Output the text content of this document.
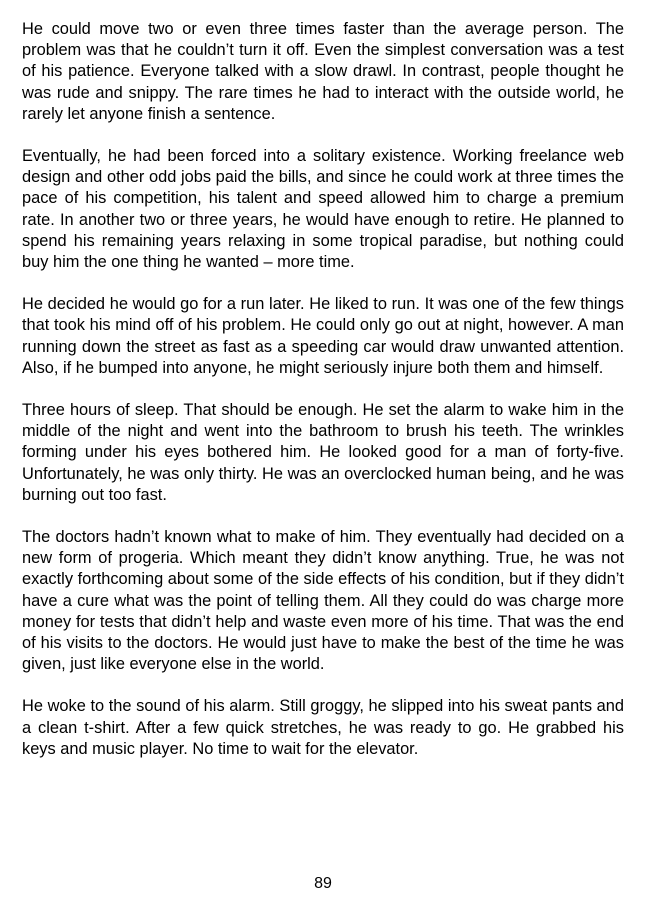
He could move two or even three times faster than the average person. The problem was that he couldn’t turn it off. Even the simplest conversation was a test of his patience. Everyone talked with a slow drawl. In contrast, people thought he was rude and snippy. The rare times he had to interact with the outside world, he rarely let anyone finish a sentence.

Eventually, he had been forced into a solitary existence. Working freelance web design and other odd jobs paid the bills, and since he could work at three times the pace of his competition, his talent and speed allowed him to charge a premium rate. In another two or three years, he would have enough to retire. He planned to spend his remaining years relaxing in some tropical paradise, but nothing could buy him the one thing he wanted – more time.

He decided he would go for a run later. He liked to run. It was one of the few things that took his mind off of his problem. He could only go out at night, however. A man running down the street as fast as a speeding car would draw unwanted attention. Also, if he bumped into anyone, he might seriously injure both them and himself.

Three hours of sleep. That should be enough. He set the alarm to wake him in the middle of the night and went into the bathroom to brush his teeth. The wrinkles forming under his eyes bothered him. He looked good for a man of forty-five. Unfortunately, he was only thirty. He was an overclocked human being, and he was burning out too fast.

The doctors hadn’t known what to make of him. They eventually had decided on a new form of progeria. Which meant they didn’t know anything. True, he was not exactly forthcoming about some of the side effects of his condition, but if they didn’t have a cure what was the point of telling them. All they could do was charge more money for tests that didn’t help and waste even more of his time. That was the end of his visits to the doctors. He would just have to make the best of the time he was given, just like everyone else in the world.

He woke to the sound of his alarm. Still groggy, he slipped into his sweat pants and a clean t-shirt. After a few quick stretches, he was ready to go. He grabbed his keys and music player. No time to wait for the elevator.

89
